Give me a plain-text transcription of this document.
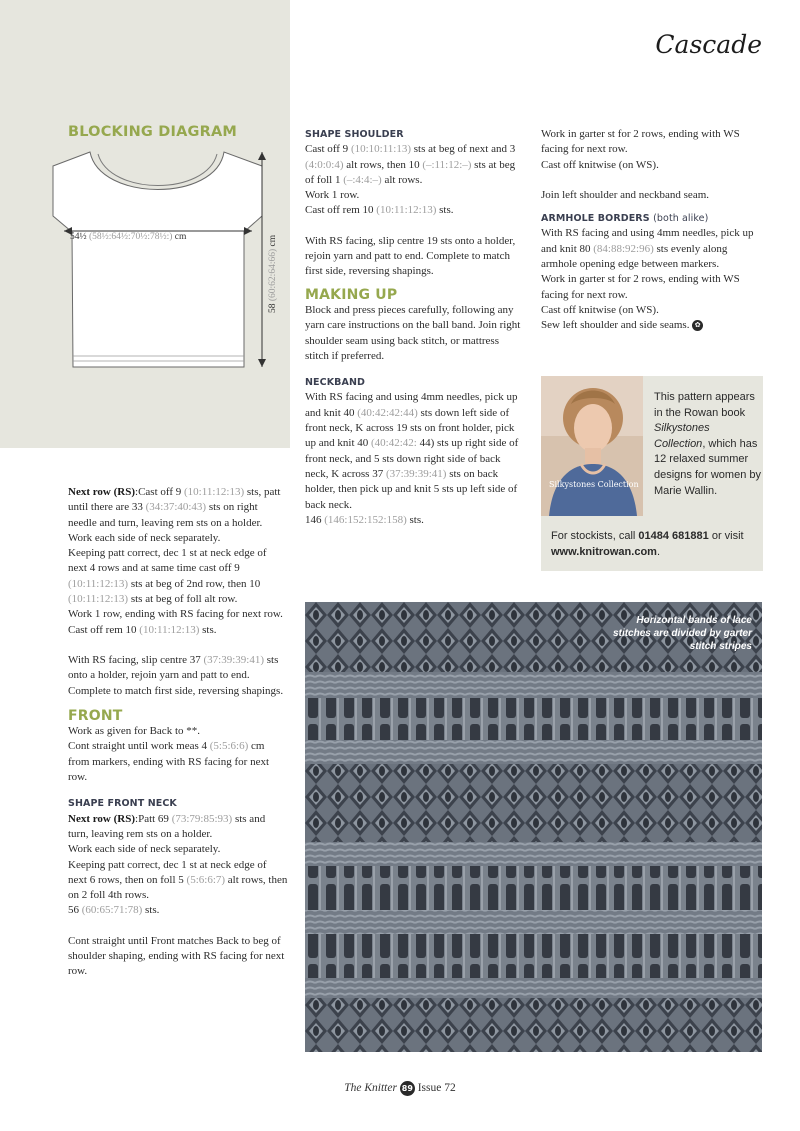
Cascade
BLOCKING DIAGRAM
54½ (58½:64½:70½:78½:) cm
58 (60:62:64:66) cm

Next row (RS):Cast off 9 (10:11:12:13) sts, patt until there are 33 (34:37:40:43) sts on right needle and turn, leaving rem sts on a holder.

Work each side of neck separately.

Keeping patt correct, dec 1 st at neck edge of next 4 rows and at same time cast off 9 (10:11:12:13) sts at beg of 2nd row, then 10 (10:11:12:13) sts at beg of foll alt row.

Work 1 row, ending with RS facing for next row.

Cast off rem 10 (10:11:12:13) sts.

With RS facing, slip centre 37 (37:39:39:41) sts onto a holder, rejoin yarn and patt to end.

Complete to match first side, reversing shapings.

FRONT

Work as given for Back to **.

Cont straight until work meas 4 (5:5:6:6) cm from markers, ending with RS facing for next row.

SHAPE FRONT NECK

Next row (RS):Patt 69 (73:79:85:93) sts and turn, leaving rem sts on a holder.

Work each side of neck separately.

Keeping patt correct, dec 1 st at neck edge of next 6 rows, then on foll 5 (5:6:6:7) alt rows, then on 2 foll 4th rows.

56 (60:65:71:78) sts.

Cont straight until Front matches Back to beg of shoulder shaping, ending with RS facing for next row.

SHAPE SHOULDER

Cast off 9 (10:10:11:13) sts at beg of next and 3 (4:0:0:4) alt rows, then 10 (–:11:12:–) sts at beg of foll 1 (–:4:4:–) alt rows.

Work 1 row.

Cast off rem 10 (10:11:12:13) sts.

With RS facing, slip centre 19 sts onto a holder, rejoin yarn and patt to end. Complete to match first side, reversing shapings.

MAKING UP

Block and press pieces carefully, following any yarn care instructions on the ball band. Join right shoulder seam using back stitch, or mattress stitch if preferred.

NECKBAND

With RS facing and using 4mm needles, pick up and knit 40 (40:42:42:44) sts down left side of front neck, K across 19 sts on front holder, pick up and knit 40 (40:42:42: 44) sts up right side of front neck, and 5 sts down right side of back neck, K across 37 (37:39:39:41) sts on back holder, then pick up and knit 5 sts up left side of back neck.

146 (146:152:152:158) sts.

Work in garter st for 2 rows, ending with WS facing for next row.

Cast off knitwise (on WS).

Join left shoulder and neckband seam.

ARMHOLE BORDERS (both alike)

With RS facing and using 4mm needles, pick up and knit 80 (84:88:92:96) sts evenly along armhole opening edge between markers.

Work in garter st for 2 rows, ending with WS facing for next row.

Cast off knitwise (on WS).

Sew left shoulder and side seams. ✿

Silkystones Collection
This pattern appears in the Rowan book Silkystones Collection, which has 12 relaxed summer designs for women by Marie Wallin.
For stockists, call 01484 681881 or visit www.knitrowan.com.
Horizontal bands of lace stitches are divided by garter stitch stripes
The Knitter 89 Issue 72
